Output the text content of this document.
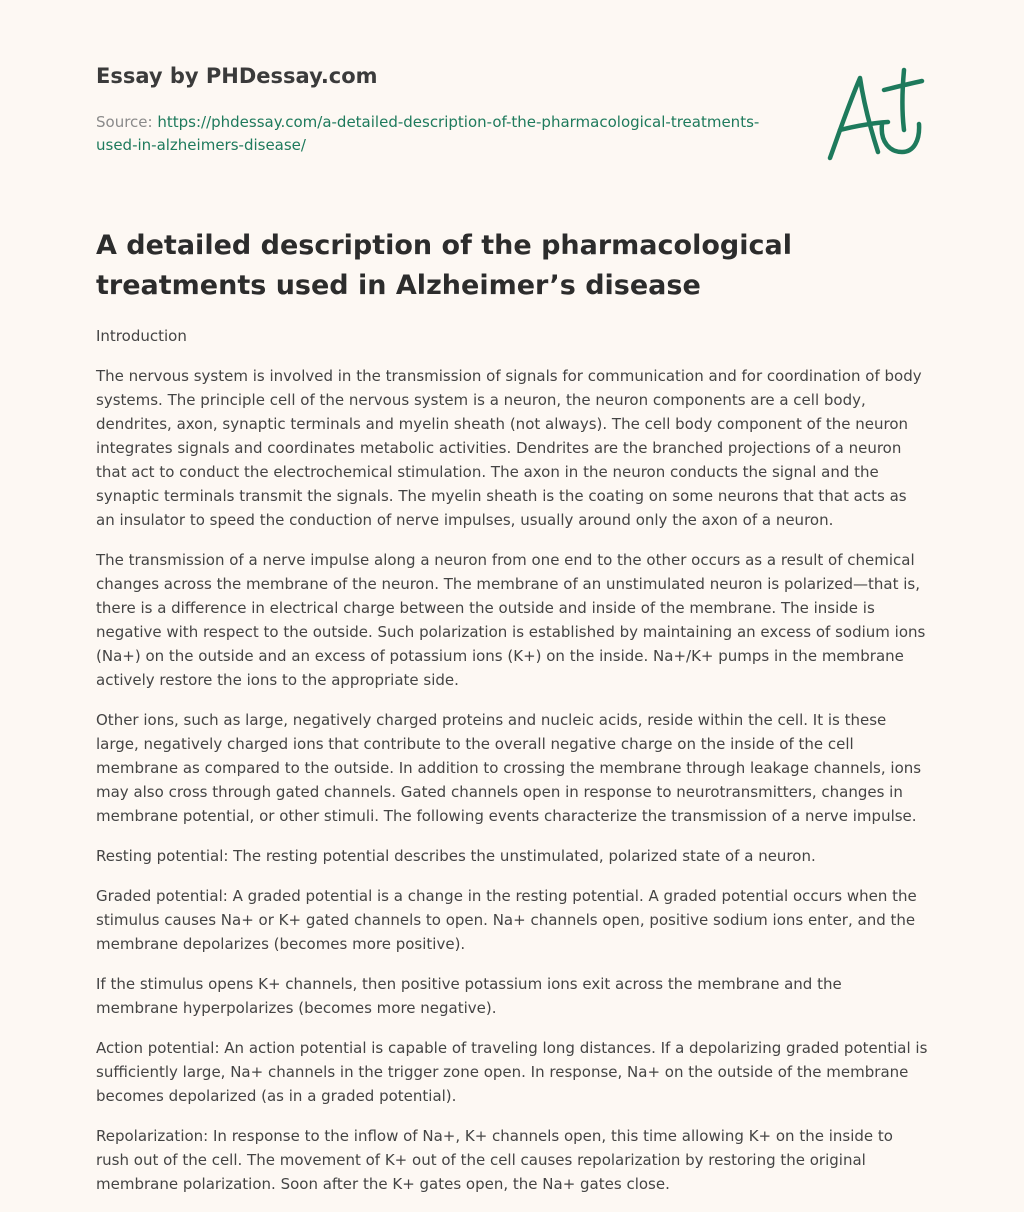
Essay by PHDessay.com
Source: https://phdessay.com/a-detailed-description-of-the-pharmacological-treatments-used-in-alzheimers-disease/
A detailed description of the pharmacological treatments used in Alzheimer’s disease

Introduction

The nervous system is involved in the transmission of signals for communication and for coordination of body systems. The principle cell of the nervous system is a neuron, the neuron components are a cell body, dendrites, axon, synaptic terminals and myelin sheath (not always). The cell body component of the neuron integrates signals and coordinates metabolic activities. Dendrites are the branched projections of a neuron that act to conduct the electrochemical stimulation. The axon in the neuron conducts the signal and the synaptic terminals transmit the signals. The myelin sheath is the coating on some neurons that that acts as an insulator to speed the conduction of nerve impulses, usually around only the axon of a neuron.

The transmission of a nerve impulse along a neuron from one end to the other occurs as a result of chemical changes across the membrane of the neuron. The membrane of an unstimulated neuron is polarized—that is, there is a difference in electrical charge between the outside and inside of the membrane. The inside is negative with respect to the outside. Such polarization is established by maintaining an excess of sodium ions (Na+) on the outside and an excess of potassium ions (K+) on the inside. Na+/K+ pumps in the membrane actively restore the ions to the appropriate side.

Other ions, such as large, negatively charged proteins and nucleic acids, reside within the cell. It is these large, negatively charged ions that contribute to the overall negative charge on the inside of the cell membrane as compared to the outside. In addition to crossing the membrane through leakage channels, ions may also cross through gated channels. Gated channels open in response to neurotransmitters, changes in membrane potential, or other stimuli. The following events characterize the transmission of a nerve impulse.

Resting potential: The resting potential describes the unstimulated, polarized state of a neuron.

Graded potential: A graded potential is a change in the resting potential. A graded potential occurs when the stimulus causes Na+ or K+ gated channels to open. Na+ channels open, positive sodium ions enter, and the membrane depolarizes (becomes more positive).

If the stimulus opens K+ channels, then positive potassium ions exit across the membrane and the membrane hyperpolarizes (becomes more negative).

Action potential: An action potential is capable of traveling long distances. If a depolarizing graded potential is sufficiently large, Na+ channels in the trigger zone open. In response, Na+ on the outside of the membrane becomes depolarized (as in a graded potential).

Repolarization: In response to the inflow of Na+, K+ channels open, this time allowing K+ on the inside to rush out of the cell. The movement of K+ out of the cell causes repolarization by restoring the original membrane polarization. Soon after the K+ gates open, the Na+ gates close.
